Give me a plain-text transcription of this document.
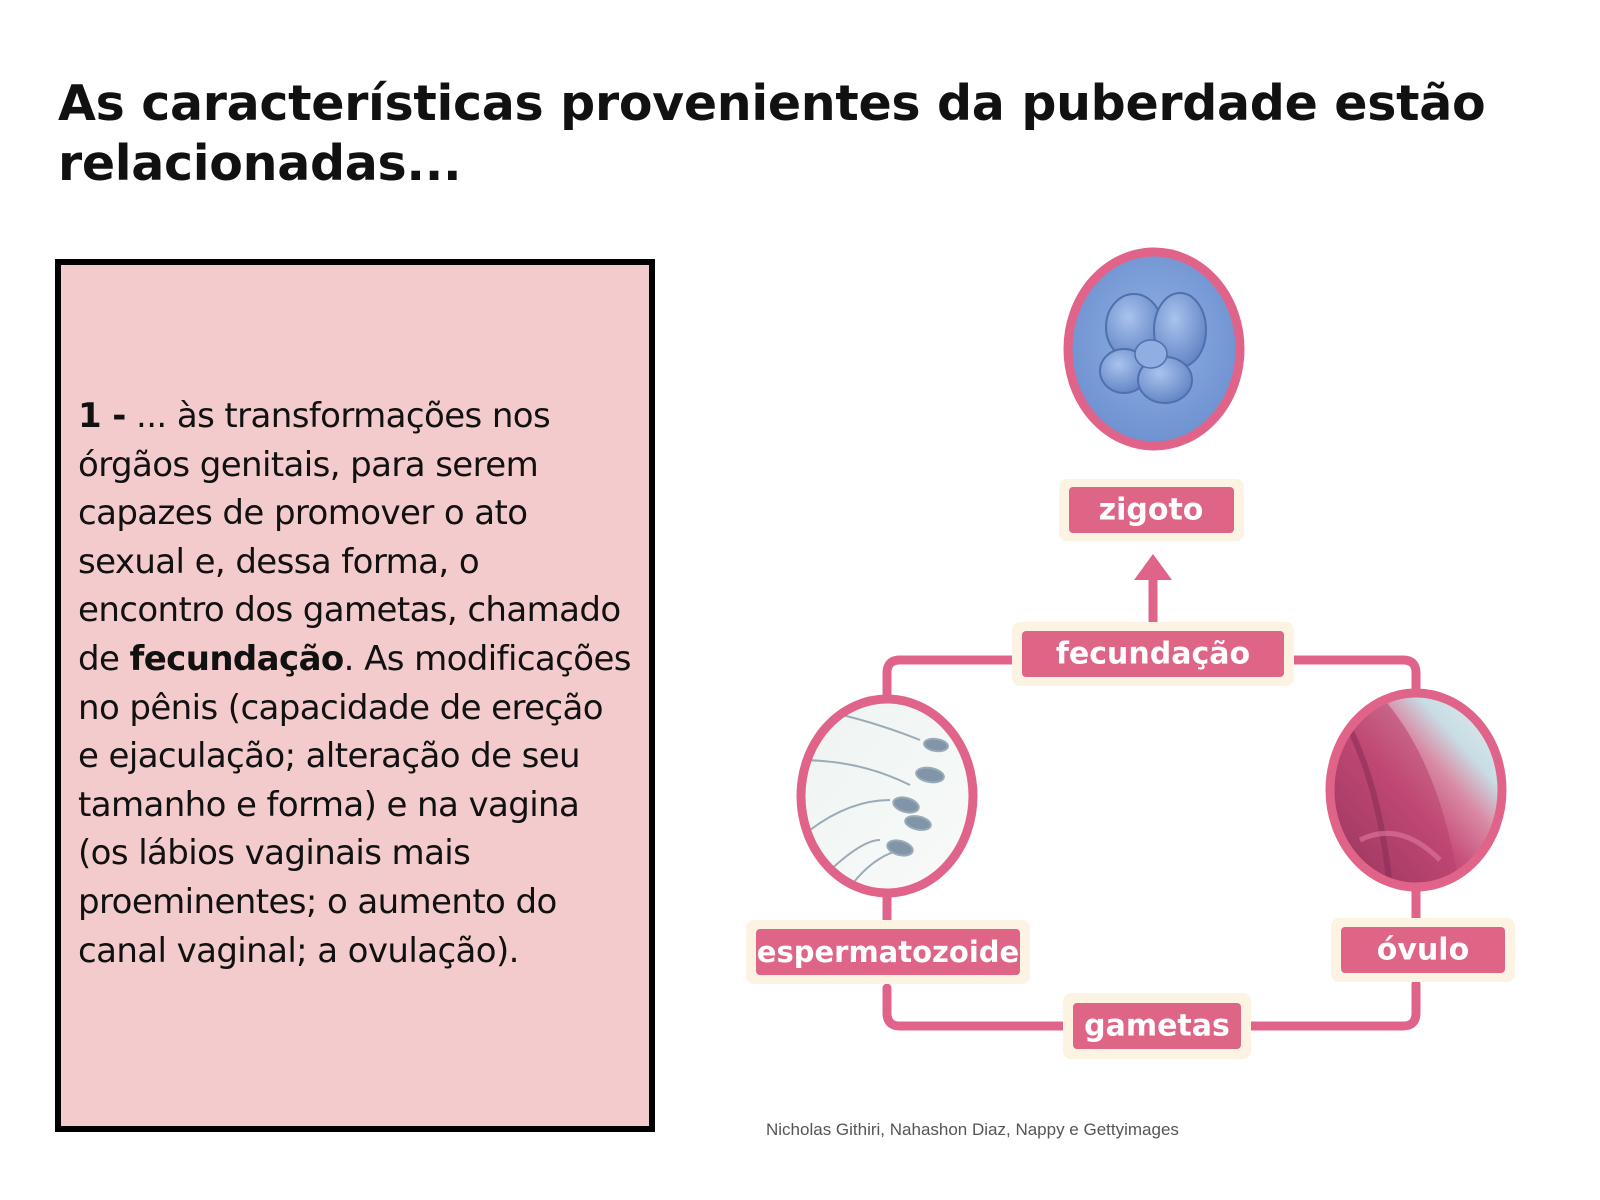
As características provenientes da puberdade estão relacionadas...

1 - ... às transformações nos órgãos genitais, para serem capazes de promover o ato sexual e, dessa forma, o encontro dos gametas, chamado de fecundação. As modificações no pênis (capacidade de ereção e ejaculação; alteração de seu tamanho e forma) e na vagina (os lábios vaginais mais proeminentes; o aumento do canal vaginal; a ovulação).

zigoto
fecundação
espermatozoide	óvulo
gametas
Nicholas Githiri, Nahashon Diaz, Nappy e Gettyimages
